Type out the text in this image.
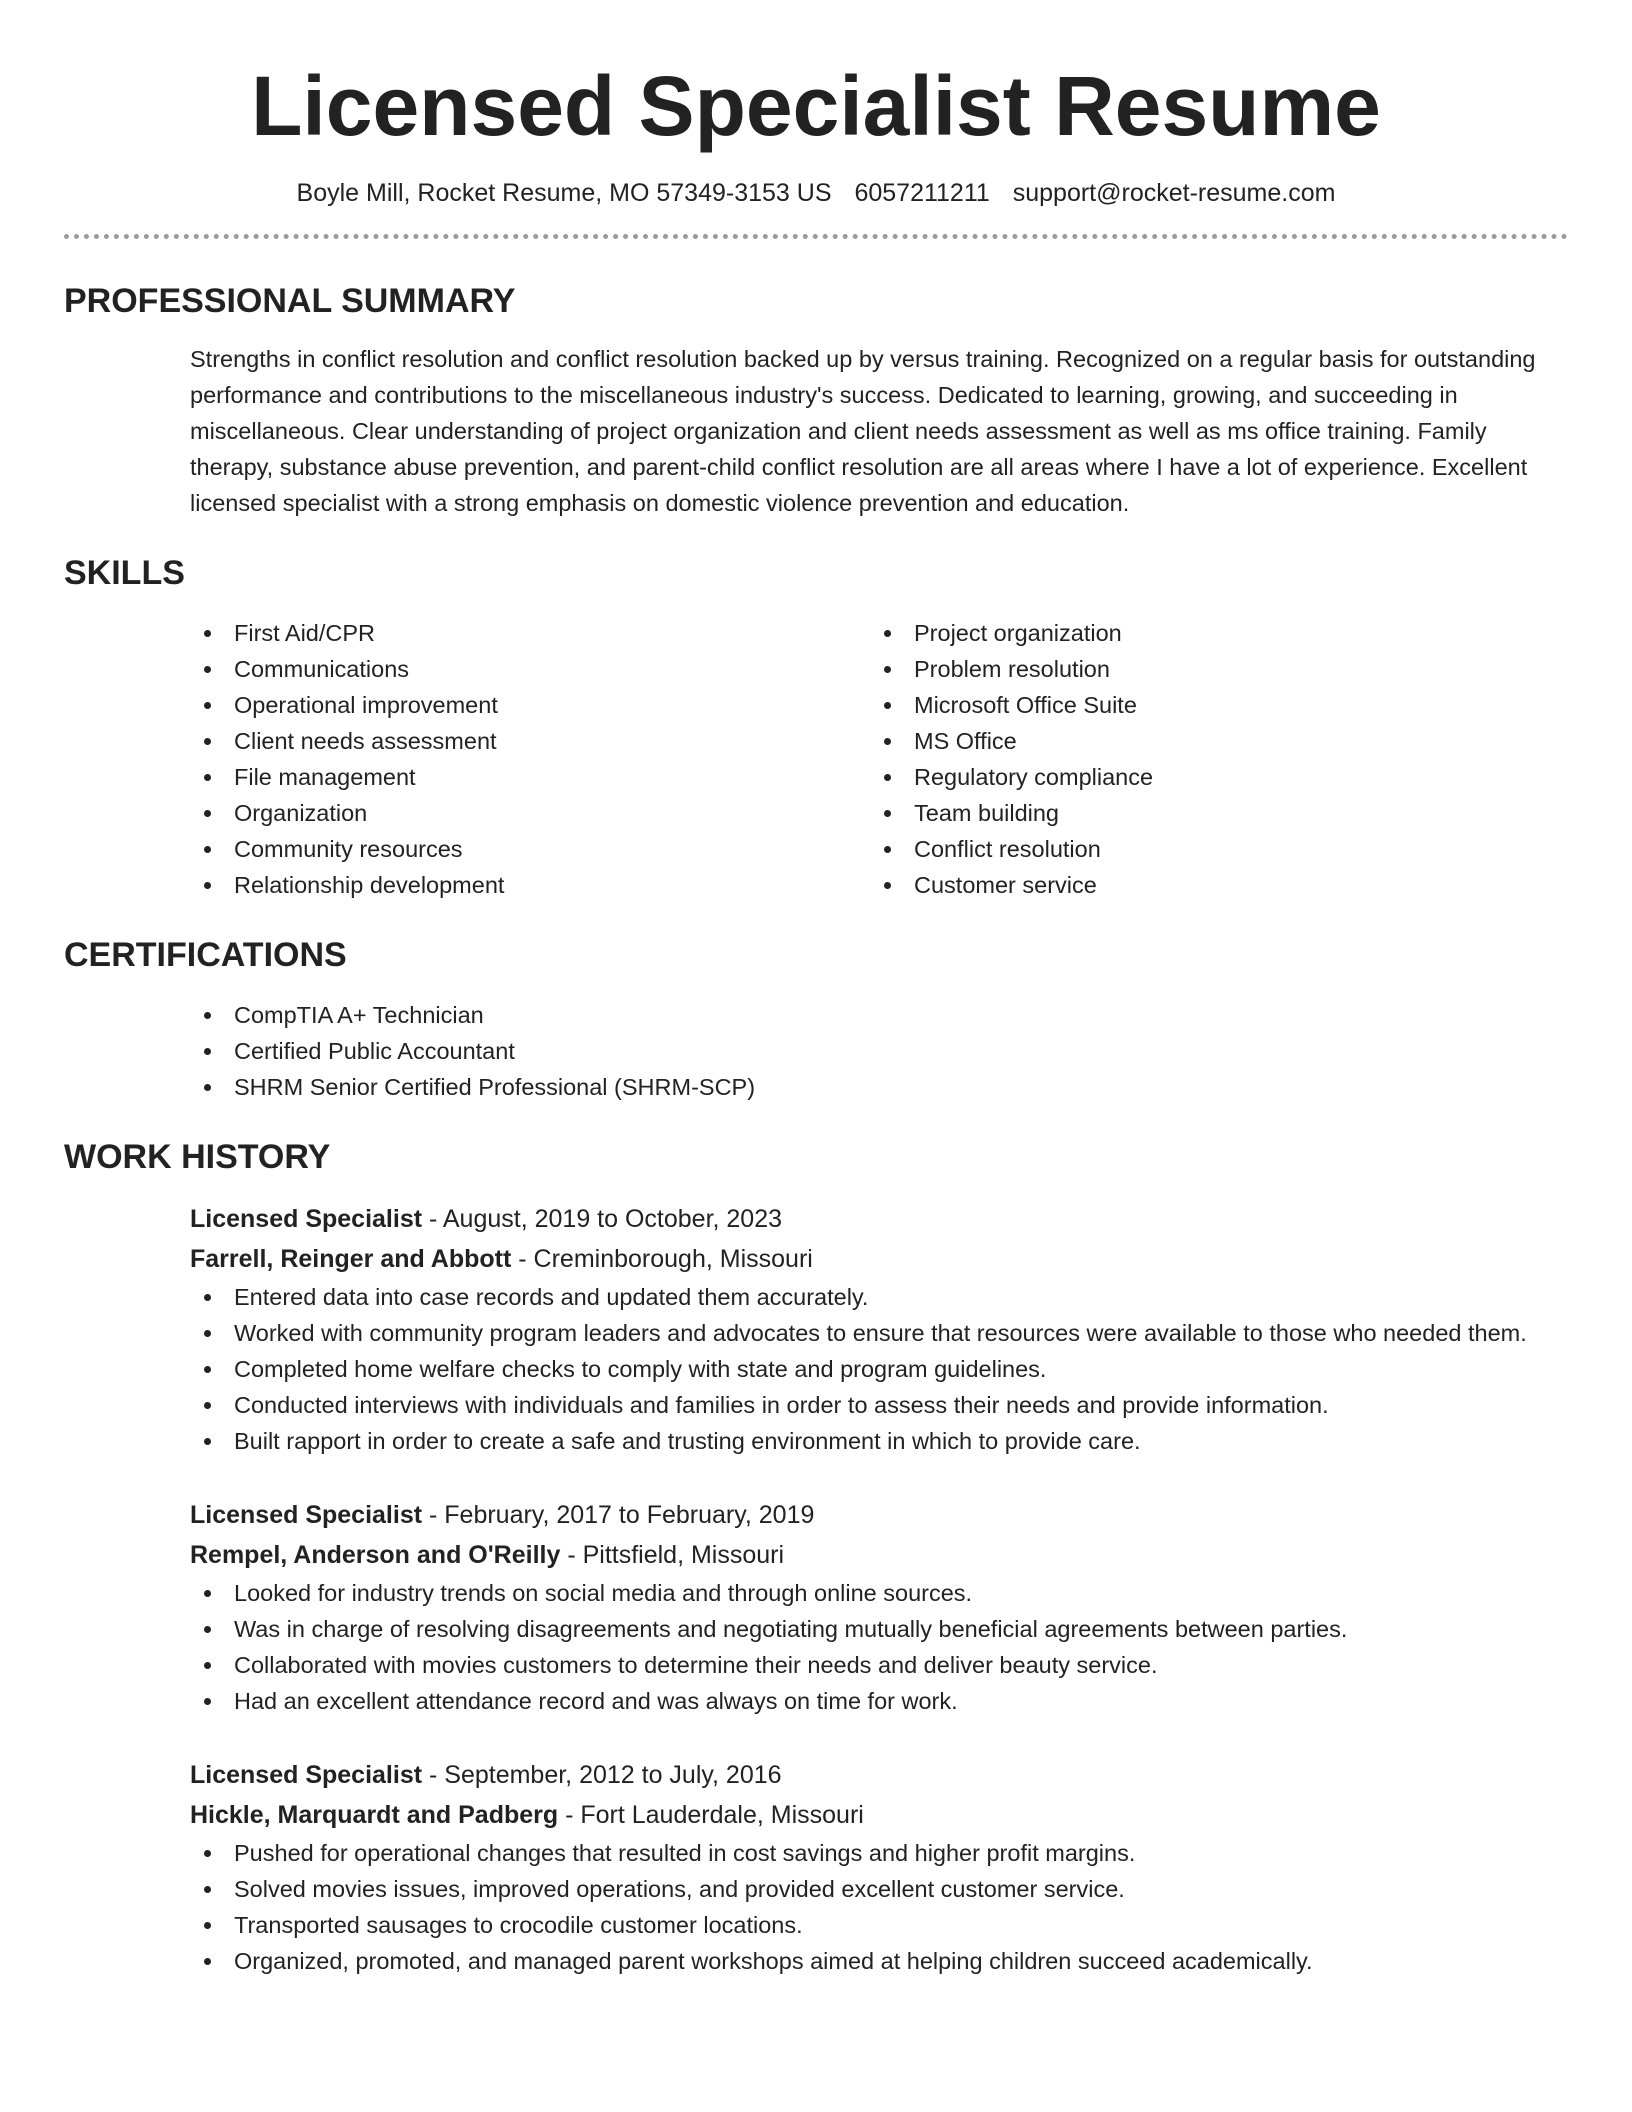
Licensed Specialist Resume
Boyle Mill, Rocket Resume, MO 57349-3153 US 6057211211 support@rocket-resume.com
PROFESSIONAL SUMMARY
Strengths in conflict resolution and conflict resolution backed up by versus training. Recognized on a regular basis for outstanding performance and contributions to the miscellaneous industry's success. Dedicated to learning, growing, and succeeding in miscellaneous. Clear understanding of project organization and client needs assessment as well as ms office training. Family therapy, substance abuse prevention, and parent-child conflict resolution are all areas where I have a lot of experience. Excellent licensed specialist with a strong emphasis on domestic violence prevention and education.
SKILLS
First Aid/CPR
Communications
Operational improvement
Client needs assessment
File management
Organization
Community resources
Relationship development
Project organization
Problem resolution
Microsoft Office Suite
MS Office
Regulatory compliance
Team building
Conflict resolution
Customer service
CERTIFICATIONS
CompTIA A+ Technician
Certified Public Accountant
SHRM Senior Certified Professional (SHRM-SCP)
WORK HISTORY
Licensed Specialist - August, 2019 to October, 2023
Farrell, Reinger and Abbott - Creminborough, Missouri
Entered data into case records and updated them accurately.
Worked with community program leaders and advocates to ensure that resources were available to those who needed them.
Completed home welfare checks to comply with state and program guidelines.
Conducted interviews with individuals and families in order to assess their needs and provide information.
Built rapport in order to create a safe and trusting environment in which to provide care.
Licensed Specialist - February, 2017 to February, 2019
Rempel, Anderson and O'Reilly - Pittsfield, Missouri
Looked for industry trends on social media and through online sources.
Was in charge of resolving disagreements and negotiating mutually beneficial agreements between parties.
Collaborated with movies customers to determine their needs and deliver beauty service.
Had an excellent attendance record and was always on time for work.
Licensed Specialist - September, 2012 to July, 2016
Hickle, Marquardt and Padberg - Fort Lauderdale, Missouri
Pushed for operational changes that resulted in cost savings and higher profit margins.
Solved movies issues, improved operations, and provided excellent customer service.
Transported sausages to crocodile customer locations.
Organized, promoted, and managed parent workshops aimed at helping children succeed academically.
